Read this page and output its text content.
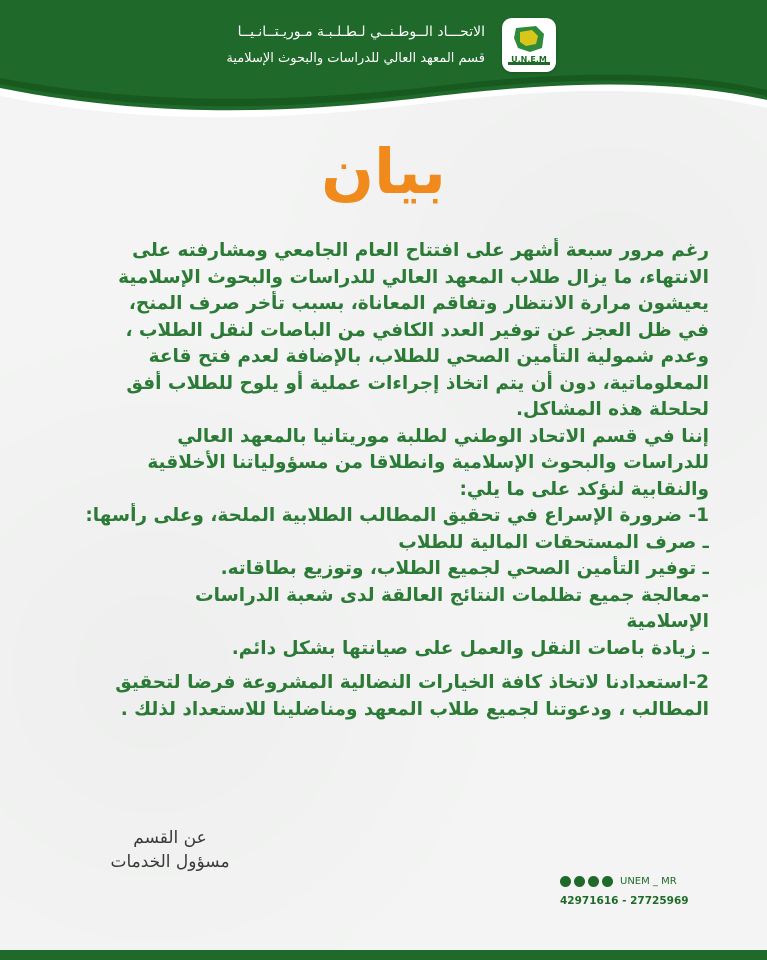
الاتحـــاد الــوطـنــي لـطـلـبـة مـوريـتــانـيــا
قسم المعهد العالي للدراسات والبحوث الإسلامية	U.N.E.M
بيان

رغم مرور سبعة أشهر على افتتاح العام الجامعي ومشارفته على
الانتهاء، ما يزال طلاب المعهد العالي للدراسات والبحوث الإسلامية
يعيشون مرارة الانتظار وتفاقم المعاناة، بسبب تأخر صرف المنح،
في ظل العجز عن توفير العدد الكافي من الباصات لنقل الطلاب ،
وعدم شمولية التأمين الصحي للطلاب، بالإضافة لعدم فتح قاعة
المعلوماتية، دون أن يتم اتخاذ إجراءات عملية أو يلوح للطلاب أفق
لحلحلة هذه المشاكل.

إننا في قسم الاتحاد الوطني لطلبة موريتانيا بالمعهد العالي
للدراسات والبحوث الإسلامية وانطلاقا من مسؤولياتنا الأخلاقية
والنقابية لنؤكد على ما يلي:

1- ضرورة الإسراع في تحقيق المطالب الطلابية الملحة، وعلى رأسها:

ـ صرف المستحقات المالية للطلاب
ـ توفير التأمين الصحي لجميع الطلاب، وتوزيع بطاقاته.
-معالجة جميع تظلمات النتائج العالقة لدى شعبة الدراسات
الإسلامية
ـ زيادة باصات النقل والعمل على صيانتها بشكل دائم.

2-استعدادنا لاتخاذ كافة الخيارات النضالية المشروعة فرضا لتحقيق
المطالب ، ودعوتنا لجميع طلاب المعهد ومناضلينا للاستعداد لذلك .

عن القسم
مسؤول الخدمات
UNEM _ MR
42971616 - 27725969
